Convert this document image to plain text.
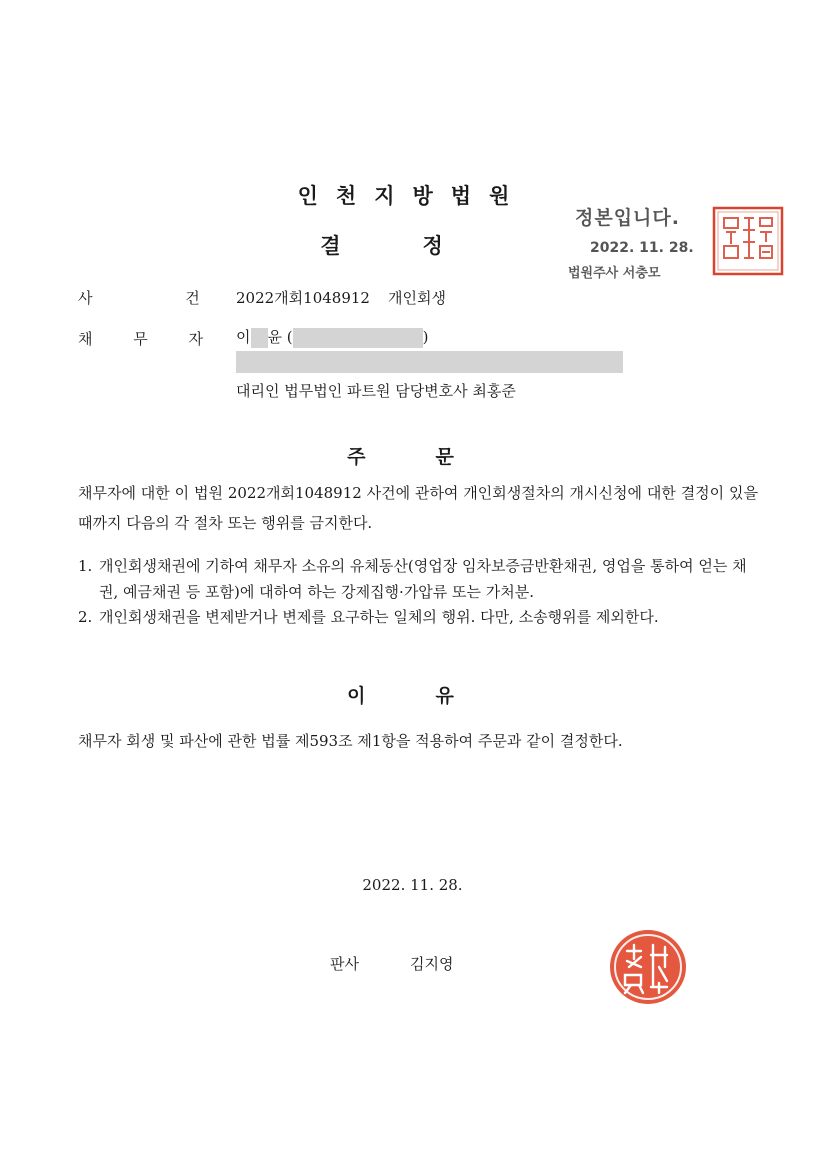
인천지방법원
결정
정본입니다.
2022. 11. 28.
법원주사 서충모
사 건
2022개회1048912 개인회생
채 무 자 이 윤 (	)
대리인 법무법인 파트원 담당변호사 최홍준
주문
채무자에 대한 이 법원 2022개회1048912 사건에 관하여 개인회생절차의 개시신청에 대한 결정이 있을 때까지 다음의 각 절차 또는 행위를 금지한다.
1. 개인회생채권에 기하여 채무자 소유의 유체동산(영업장 임차보증금반환채권, 영업을 통하여 얻는 채권, 예금채권 등 포함)에 대하여 하는 강제집행·가압류 또는 가처분.
2. 개인회생채권을 변제받거나 변제를 요구하는 일체의 행위. 다만, 소송행위를 제외한다.
이유
채무자 회생 및 파산에 관한 법률 제593조 제1항을 적용하여 주문과 같이 결정한다.
2022. 11. 28.
판사	김지영
